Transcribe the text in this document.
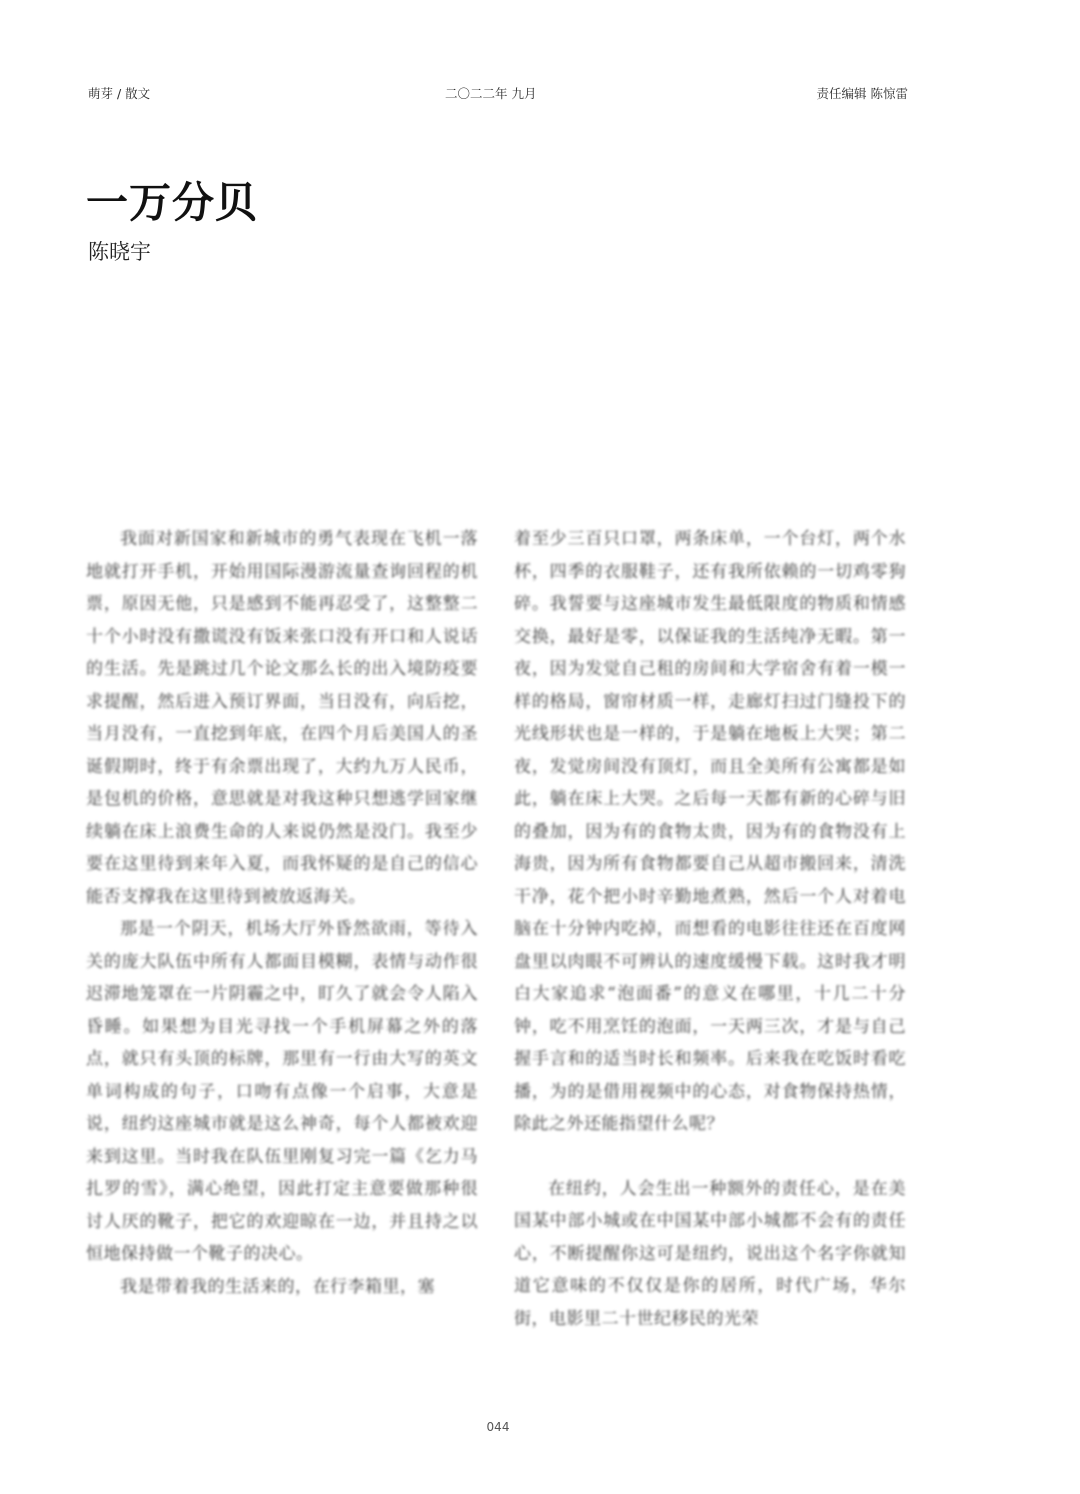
萌芽 / 散文	二〇二二年 九月	责任编辑 陈惊雷
一万分贝
陈晓宇

我面对新国家和新城市的勇气表现在飞机一落地就打开手机，开始用国际漫游流量查询回程的机票，原因无他，只是感到不能再忍受了，这整整二十个小时没有撒谎没有饭来张口没有开口和人说话的生活。先是跳过几个论文那么长的出入境防疫要求提醒，然后进入预订界面，当日没有，向后挖，当月没有，一直挖到年底，在四个月后美国人的圣诞假期时，终于有余票出现了，大约九万人民币，是包机的价格，意思就是对我这种只想逃学回家继续躺在床上浪费生命的人来说仍然是没门。我至少要在这里待到来年入夏，而我怀疑的是自己的信心能否支撑我在这里待到被放返海关。

那是一个阴天，机场大厅外昏然欲雨，等待入关的庞大队伍中所有人都面目模糊，表情与动作很迟滞地笼罩在一片阴霾之中，盯久了就会令人陷入昏睡。如果想为目光寻找一个手机屏幕之外的落点，就只有头顶的标牌，那里有一行由大写的英文单词构成的句子，口吻有点像一个启事，大意是说，纽约这座城市就是这么神奇，每个人都被欢迎来到这里。当时我在队伍里刚复习完一篇《乞力马扎罗的雪》，满心绝望，因此打定主意要做那种很讨人厌的靴子，把它的欢迎晾在一边，并且持之以恒地保持做一个靴子的决心。

我是带着我的生活来的，在行李箱里，塞

着至少三百只口罩，两条床单，一个台灯，两个水杯，四季的衣服鞋子，还有我所依赖的一切鸡零狗碎。我誓要与这座城市发生最低限度的物质和情感交换，最好是零，以保证我的生活纯净无暇。第一夜，因为发觉自己租的房间和大学宿舍有着一模一样的格局，窗帘材质一样，走廊灯扫过门缝投下的光线形状也是一样的，于是躺在地板上大哭；第二夜，发觉房间没有顶灯，而且全美所有公寓都是如此，躺在床上大哭。之后每一天都有新的心碎与旧的叠加，因为有的食物太贵，因为有的食物没有上海贵，因为所有食物都要自己从超市搬回来，清洗干净，花个把小时辛勤地煮熟，然后一个人对着电脑在十分钟内吃掉，而想看的电影往往还在百度网盘里以肉眼不可辨认的速度缓慢下载。这时我才明白大家追求“泡面番”的意义在哪里，十几二十分钟，吃不用烹饪的泡面，一天两三次，才是与自己握手言和的适当时长和频率。后来我在吃饭时看吃播，为的是借用视频中的心态，对食物保持热情，除此之外还能指望什么呢？

在纽约，人会生出一种额外的责任心，是在美国某中部小城或在中国某中部小城都不会有的责任心，不断提醒你这可是纽约，说出这个名字你就知道它意味的不仅仅是你的居所，时代广场，华尔街，电影里二十世纪移民的光荣

044
